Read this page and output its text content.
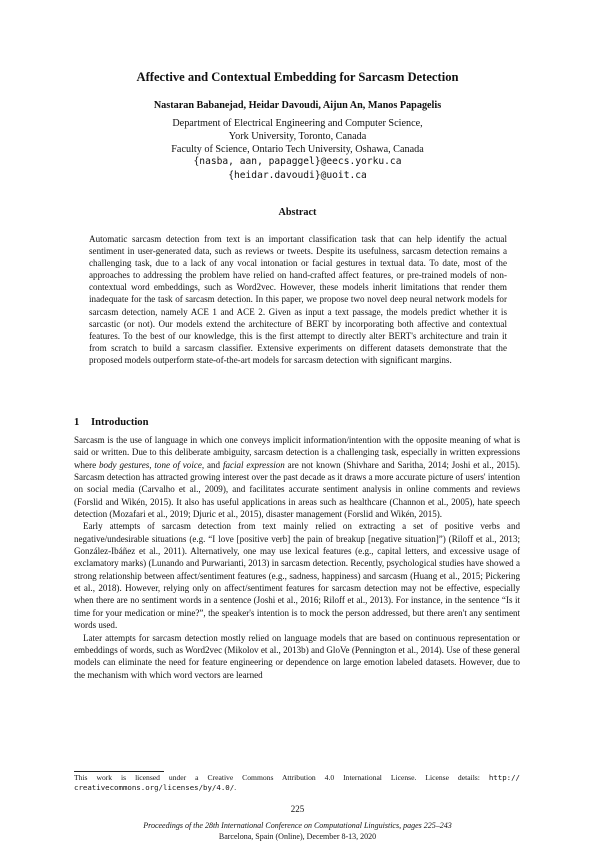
Affective and Contextual Embedding for Sarcasm Detection
Nastaran Babanejad, Heidar Davoudi, Aijun An, Manos Papagelis
Department of Electrical Engineering and Computer Science,
York University, Toronto, Canada
Faculty of Science, Ontario Tech University, Oshawa, Canada
{nasba, aan, papaggel}@eecs.yorku.ca
{heidar.davoudi}@uoit.ca
Abstract
Automatic sarcasm detection from text is an important classification task that can help identify the actual sentiment in user-generated data, such as reviews or tweets. Despite its usefulness, sarcasm detection remains a challenging task, due to a lack of any vocal intonation or facial gestures in textual data. To date, most of the approaches to addressing the problem have relied on hand-crafted affect features, or pre-trained models of non-contextual word embeddings, such as Word2vec. However, these models inherit limitations that render them inadequate for the task of sarcasm detection. In this paper, we propose two novel deep neural network models for sarcasm detection, namely ACE 1 and ACE 2. Given as input a text passage, the models predict whether it is sarcastic (or not). Our models extend the architecture of BERT by incorporating both affective and contextual features. To the best of our knowledge, this is the first attempt to directly alter BERT's architecture and train it from scratch to build a sarcasm classifier. Extensive experiments on different datasets demonstrate that the proposed models outperform state-of-the-art models for sarcasm detection with significant margins.
1 Introduction

Sarcasm is the use of language in which one conveys implicit information/intention with the opposite meaning of what is said or written. Due to this deliberate ambiguity, sarcasm detection is a challenging task, especially in written expressions where body gestures, tone of voice, and facial expression are not known (Shivhare and Saritha, 2014; Joshi et al., 2015). Sarcasm detection has attracted growing interest over the past decade as it draws a more accurate picture of users' intention on social media (Carvalho et al., 2009), and facilitates accurate sentiment analysis in online comments and reviews (Forslid and Wikén, 2015). It also has useful applications in areas such as healthcare (Channon et al., 2005), hate speech detection (Mozafari et al., 2019; Djuric et al., 2015), disaster management (Forslid and Wikén, 2015).

Early attempts of sarcasm detection from text mainly relied on extracting a set of positive verbs and negative/undesirable situations (e.g. “I love [positive verb] the pain of breakup [negative situation]”) (Riloff et al., 2013; González-Ibáñez et al., 2011). Alternatively, one may use lexical features (e.g., capital letters, and excessive usage of exclamatory marks) (Lunando and Purwarianti, 2013) in sarcasm detection. Recently, psychological studies have showed a strong relationship between affect/sentiment features (e.g., sadness, happiness) and sarcasm (Huang et al., 2015; Pickering et al., 2018). However, relying only on affect/sentiment features for sarcasm detection may not be effective, especially when there are no sentiment words in a sentence (Joshi et al., 2016; Riloff et al., 2013). For instance, in the sentence “Is it time for your medication or mine?”, the speaker's intention is to mock the person addressed, but there aren't any sentiment words used.

Later attempts for sarcasm detection mostly relied on language models that are based on continuous representation or embeddings of words, such as Word2vec (Mikolov et al., 2013b) and GloVe (Pennington et al., 2014). Use of these general models can eliminate the need for feature engineering or dependence on large emotion labeled datasets. However, due to the mechanism with which word vectors are learned

This work is licensed under a Creative Commons Attribution 4.0 International License. License details: http:// creativecommons.org/licenses/by/4.0/.
225
Proceedings of the 28th International Conference on Computational Linguistics, pages 225–243
Barcelona, Spain (Online), December 8-13, 2020
